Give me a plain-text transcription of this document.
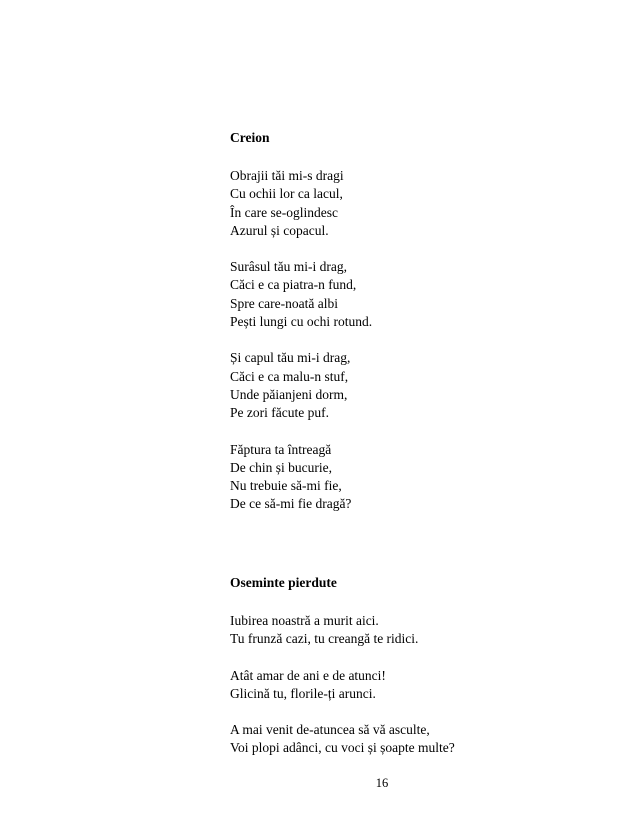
Creion

Obrajii tăi mi-s dragi
Cu ochii lor ca lacul,
În care se-oglindesc
Azurul și copacul.
Surâsul tău mi-i drag,
Căci e ca piatra-n fund,
Spre care-noată albi
Pești lungi cu ochi rotund.
Și capul tău mi-i drag,
Căci e ca malu-n stuf,
Unde păianjeni dorm,
Pe zori făcute puf.
Făptura ta întreagă
De chin și bucurie,
Nu trebuie să-mi fie,
De ce să-mi fie dragă?

Oseminte pierdute

Iubirea noastră a murit aici.
Tu frunză cazi, tu creangă te ridici.
Atât amar de ani e de atunci!
Glicină tu, florile-ți arunci.
A mai venit de-atuncea să vă asculte,
Voi plopi adânci, cu voci și șoapte multe?
16
